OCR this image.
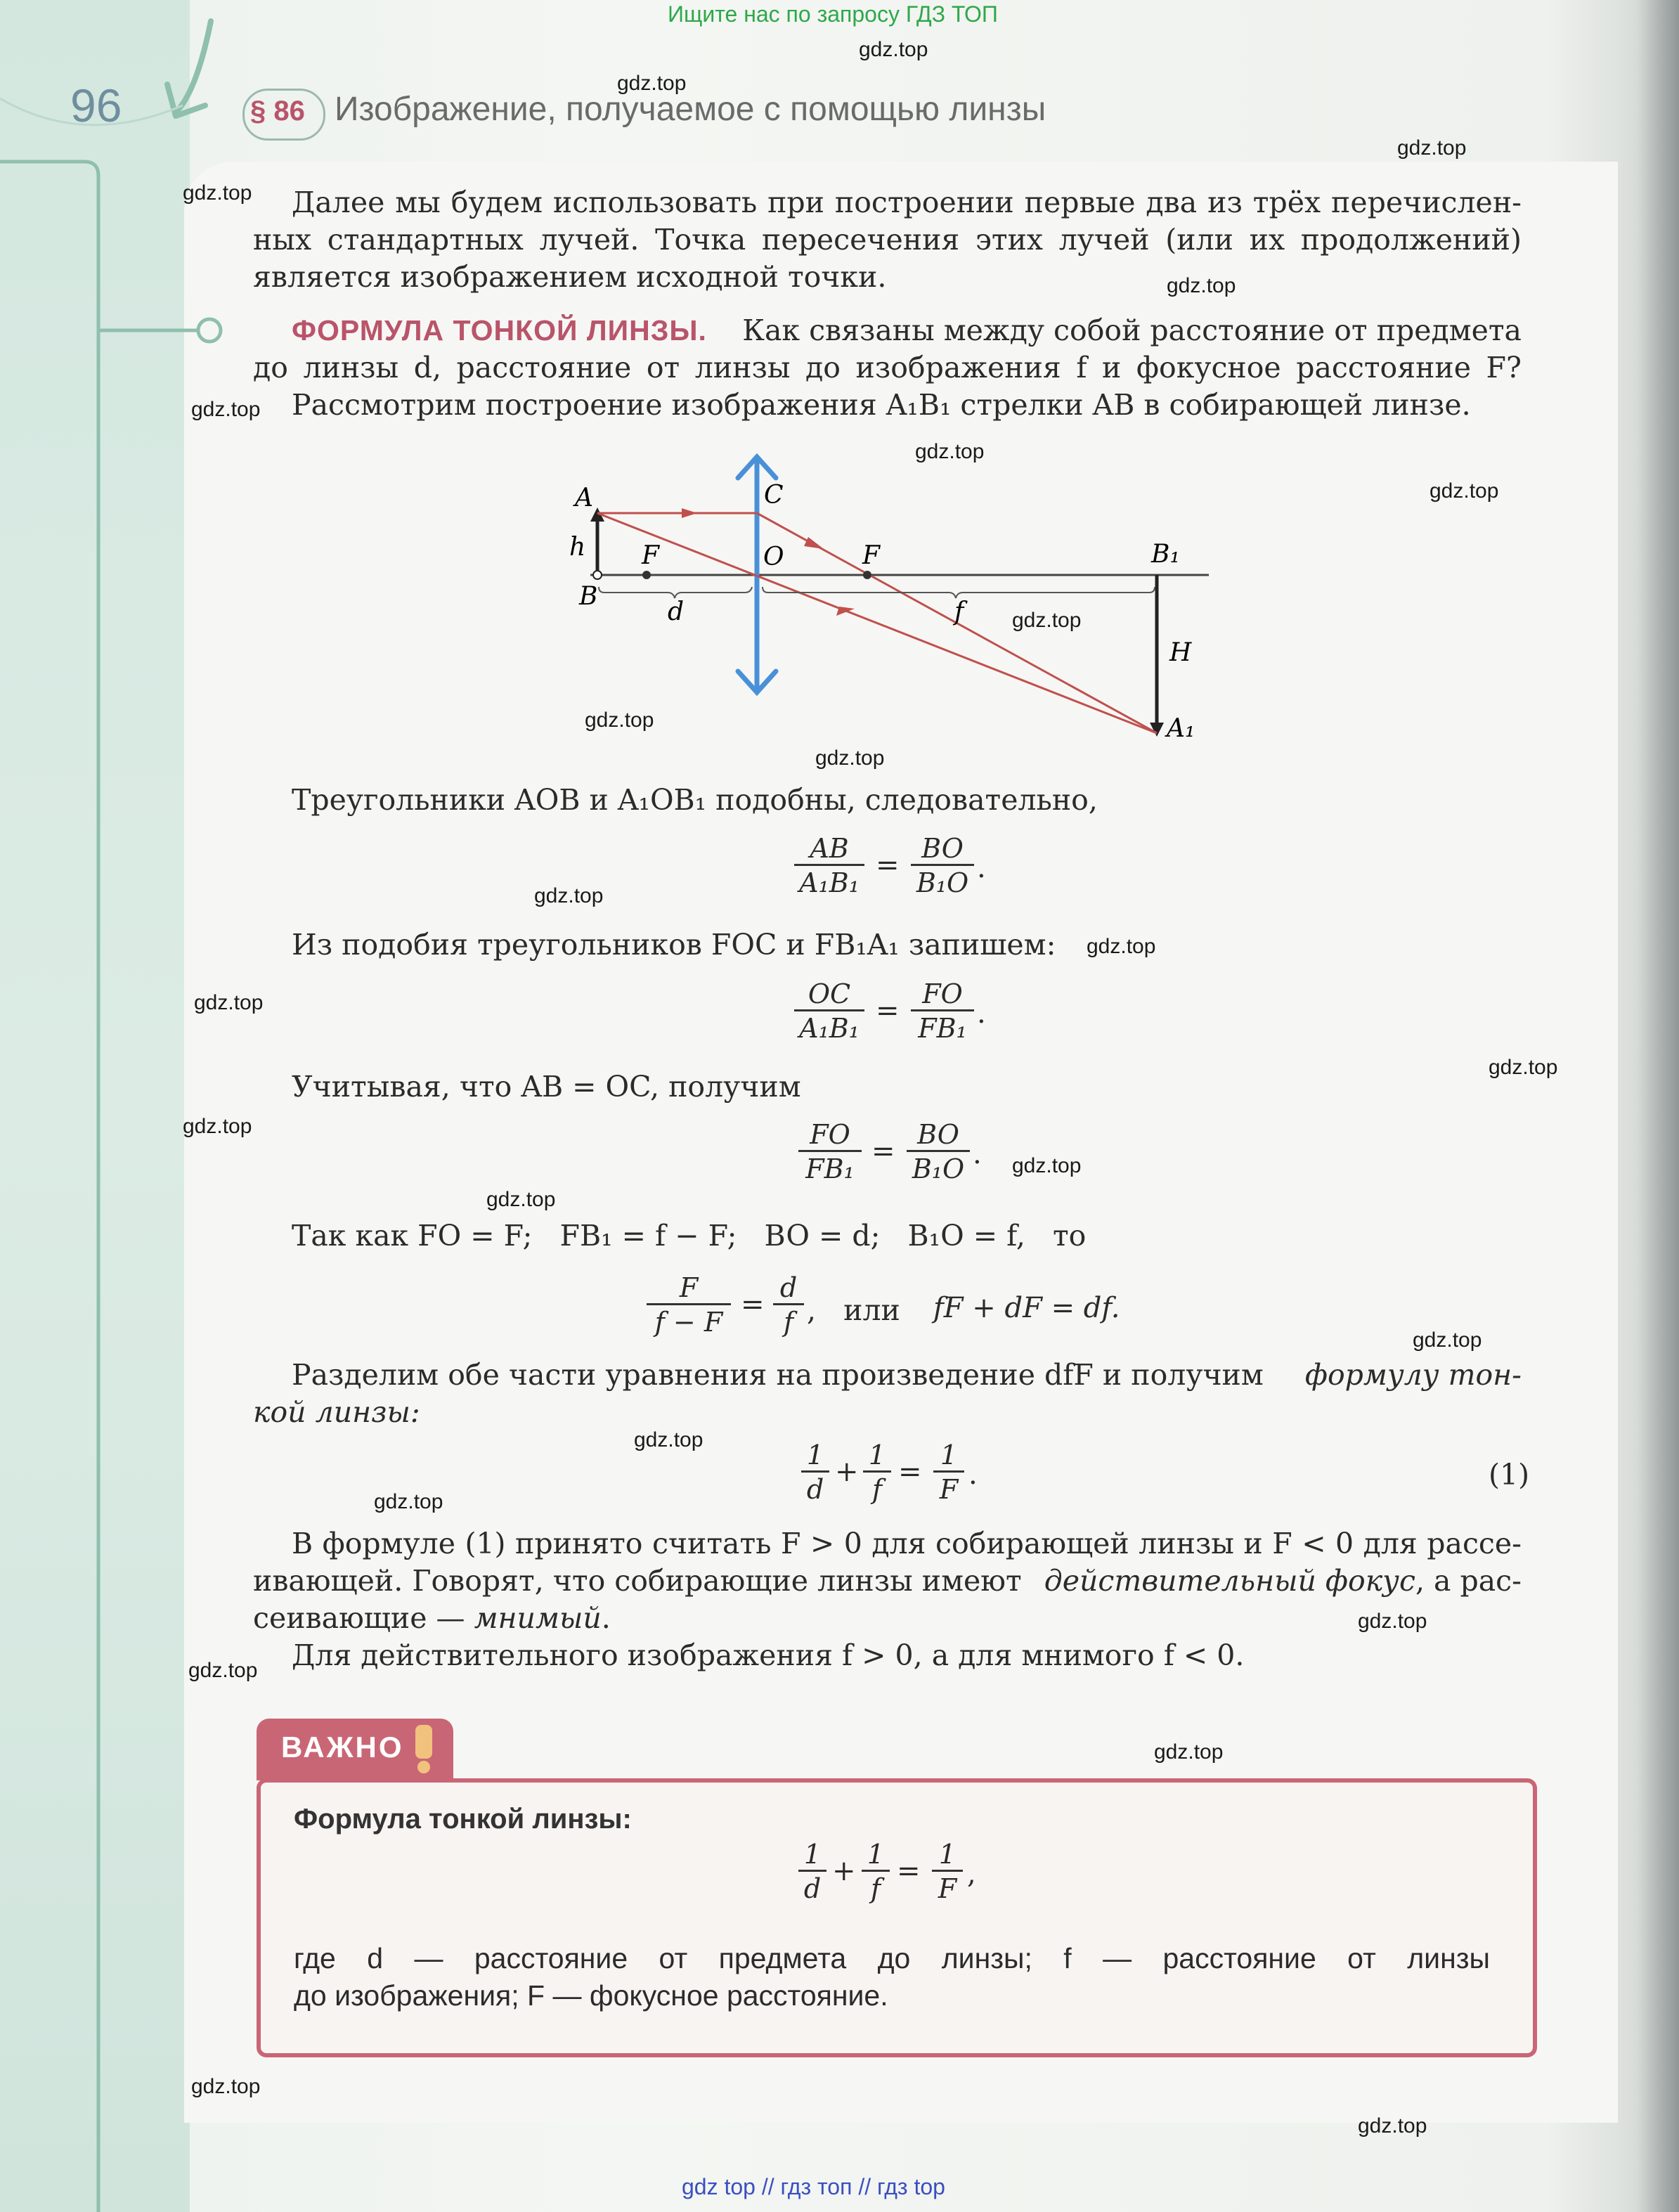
Ищите нас по запросу ГДЗ ТОП
gdz top // гдз топ // гдз top
gdz.top
gdz.top
gdz.top
gdz.top
gdz.top
gdz.top
gdz.top
gdz.top
gdz.top
gdz.top
gdz.top
gdz.top
gdz.top
gdz.top
gdz.top
gdz.top
gdz.top
gdz.top
gdz.top
gdz.top
gdz.top
gdz.top
gdz.top
gdz.top
gdz.top
gdz.top
96	§ 86 Изображение, получаемое с помощью линзы
Далее мы будем использовать при построении первые два из трёх перечислен-
ных стандартных лучей. Точка пересечения этих лучей (или их продолжений)
является изображением исходной точки.
ФОРМУЛА ТОНКОЙ ЛИНЗЫ. Как связаны между собой расстояние от предмета
до линзы d, расстояние от линзы до изображения f и фокусное расстояние F?
Рассмотрим построение изображения A₁B₁ стрелки AB в собирающей линзе.
A
B
h F	F
O
C
d	f
B₁
A₁
H
Треугольники AOB и A₁OB₁ подобны, следовательно,
$\frac{AB}{\text{A₁B₁}} = \frac{BO}{\text{B₁O}}$ .
Из подобия треугольников FOC и FB₁A₁ запишем:
$\frac{OC}{\text{A₁B₁}} = \frac{FO}{\text{FB₁}}$ .
Учитывая, что AB = OC, получим
$\frac{FO}{\text{FB₁}} = \frac{BO}{\text{B₁O}}$ .
Так как FO = F;   FB₁ = f − F;   BO = d;   B₁O = f,   то
$\frac{F}{f - F} = \frac{d}{f}$ ,   или fF + dF = df.
Разделим обе части уравнения на произведение dfF и получим формулу тон-
кой линзы:
$\frac{1}{d} + \frac{1}{f} = \frac{1}{F}$ .	(1)
В формуле (1) принято считать F > 0 для собирающей линзы и F < 0 для рассе-
ивающей. Говорят, что собирающие линзы имеют действительный фокус, а рас-
сеивающие — мнимый.
Для действительного изображения f > 0, а для мнимого f < 0.
ВАЖНО
Формула тонкой линзы:
$\frac{1}{d} + \frac{1}{f} = \frac{1}{F}$ ,
где d — расстояние от предмета до линзы; f — расстояние от линзы
до изображения; F — фокусное расстояние.
